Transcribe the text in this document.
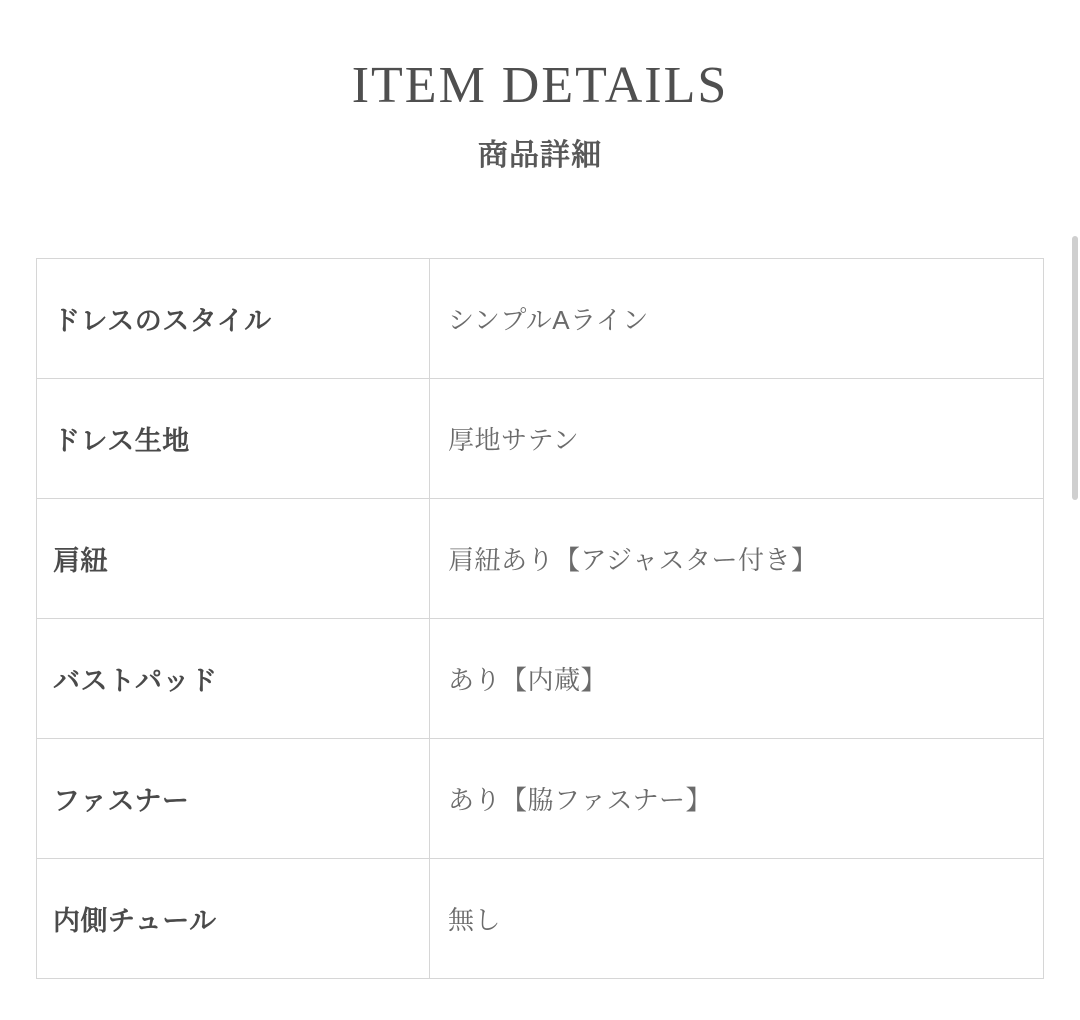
ITEM DETAILS
商品詳細
ドレスのスタイル	シンプルAライン
ドレス生地	厚地サテン
肩紐	肩紐あり【アジャスター付き】
バストパッド	あり【内蔵】
ファスナー	あり【脇ファスナー】
内側チュール	無し
